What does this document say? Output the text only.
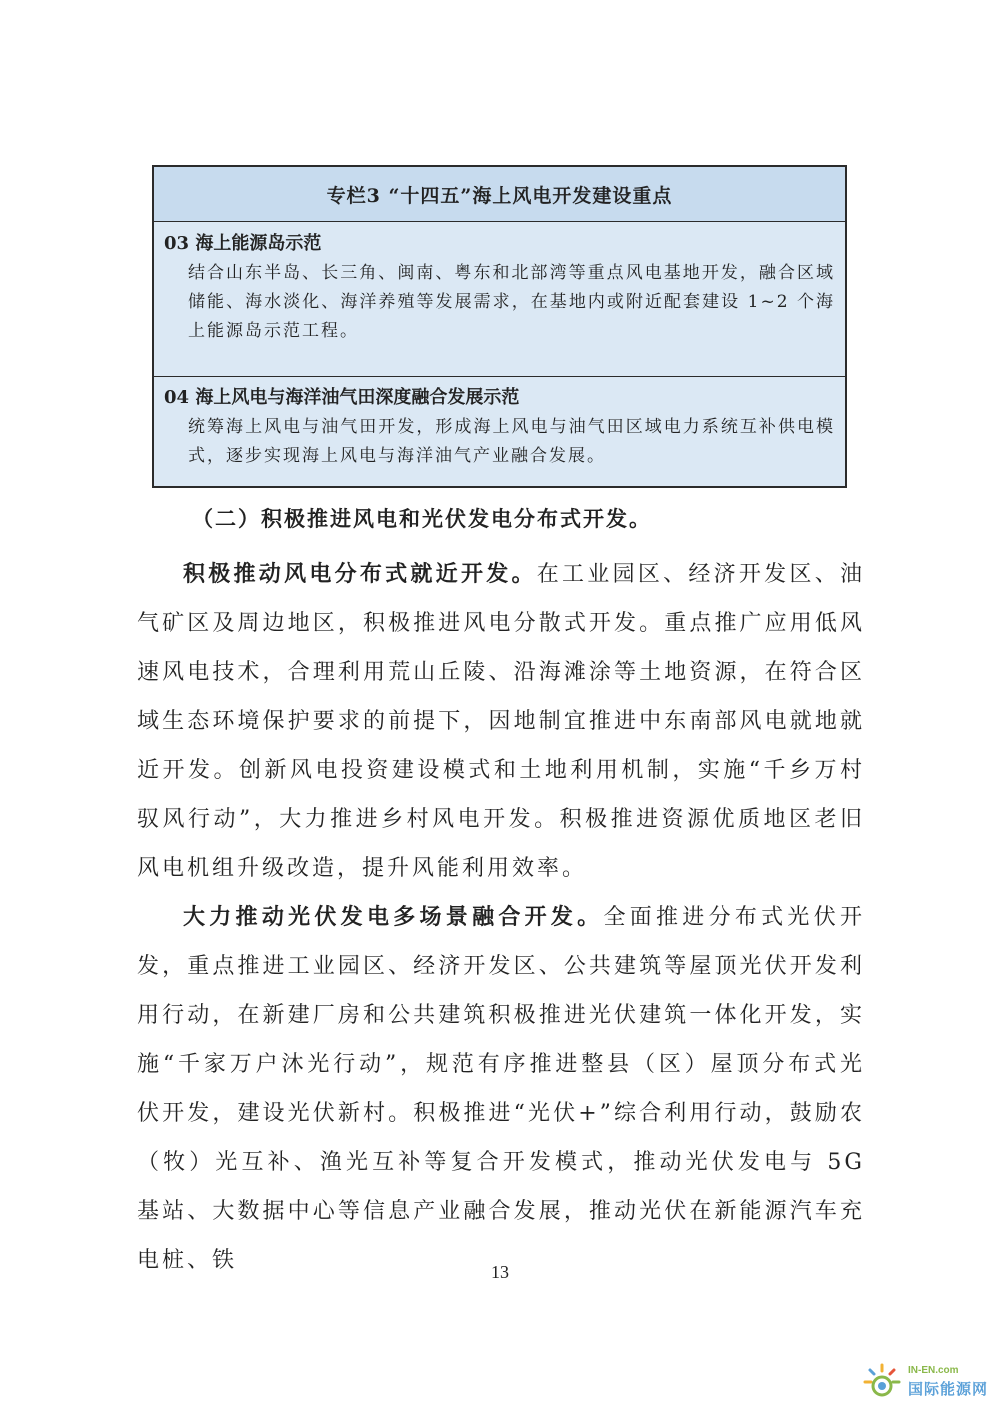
专栏3 “十四五”海上风电开发建设重点
03 海上能源岛示范
结合山东半岛、长三角、闽南、粤东和北部湾等重点风电基地开发，融合区域储能、海水淡化、海洋养殖等发展需求，在基地内或附近配套建设 1~2 个海上能源岛示范工程。
04 海上风电与海洋油气田深度融合发展示范
统筹海上风电与油气田开发，形成海上风电与油气田区域电力系统互补供电模式，逐步实现海上风电与海洋油气产业融合发展。
（二）积极推进风电和光伏发电分布式开发。

积极推动风电分布式就近开发。在工业园区、经济开发区、油气矿区及周边地区，积极推进风电分散式开发。重点推广应用低风速风电技术，合理利用荒山丘陵、沿海滩涂等土地资源，在符合区域生态环境保护要求的前提下，因地制宜推进中东南部风电就地就近开发。创新风电投资建设模式和土地利用机制，实施“千乡万村驭风行动”，大力推进乡村风电开发。积极推进资源优质地区老旧风电机组升级改造，提升风能利用效率。

大力推动光伏发电多场景融合开发。全面推进分布式光伏开发，重点推进工业园区、经济开发区、公共建筑等屋顶光伏开发利用行动，在新建厂房和公共建筑积极推进光伏建筑一体化开发，实施“千家万户沐光行动”，规范有序推进整县（区）屋顶分布式光伏开发，建设光伏新村。积极推进“光伏+”综合利用行动，鼓励农（牧）光互补、渔光互补等复合开发模式，推动光伏发电与 5G 基站、大数据中心等信息产业融合发展，推动光伏在新能源汽车充电桩、铁	13
IN-EN.com
国际能源网
